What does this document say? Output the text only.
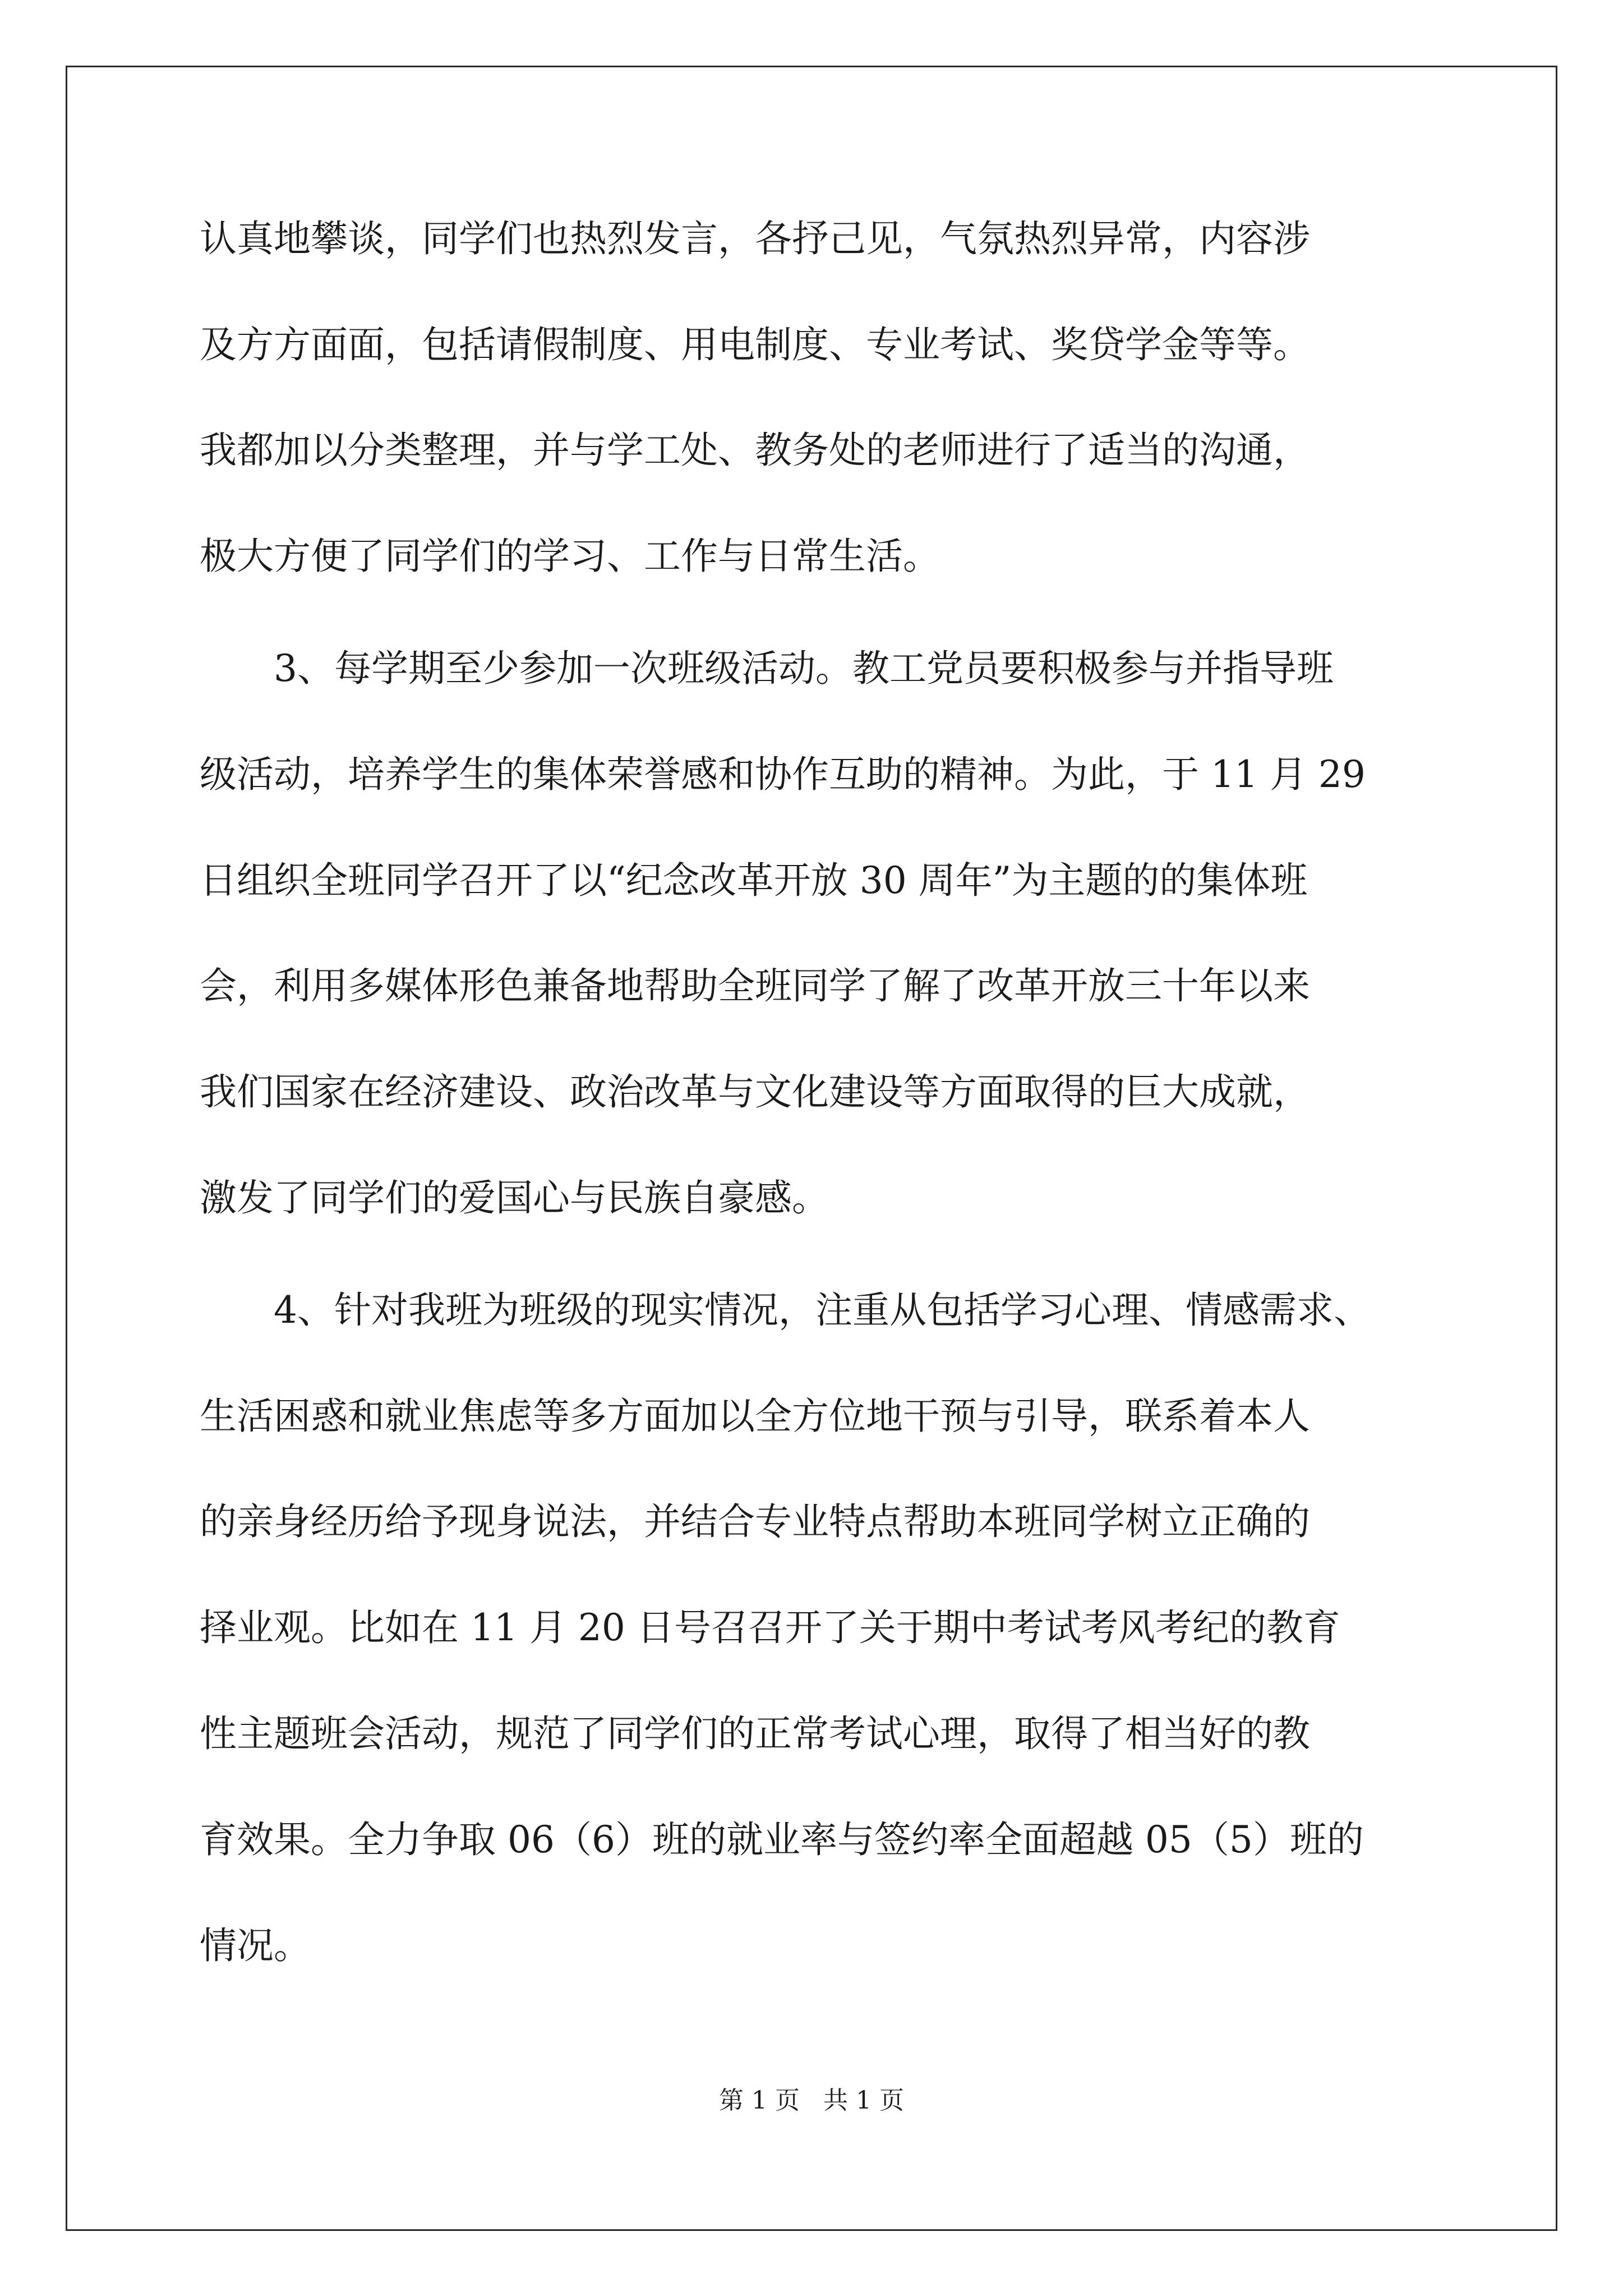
认真地攀谈，同学们也热烈发言，各抒己见，气氛热烈异常，内容涉

及方方面面，包括请假制度、用电制度、专业考试、奖贷学金等等。

我都加以分类整理，并与学工处、教务处的老师进行了适当的沟通，

极大方便了同学们的学习、工作与日常生活。

3、每学期至少参加一次班级活动。教工党员要积极参与并指导班

级活动，培养学生的集体荣誉感和协作互助的精神。为此，于 11 月 29

日组织全班同学召开了以“纪念改革开放 30 周年”为主题的的集体班

会，利用多媒体形色兼备地帮助全班同学了解了改革开放三十年以来

我们国家在经济建设、政治改革与文化建设等方面取得的巨大成就，

激发了同学们的爱国心与民族自豪感。

4、针对我班为班级的现实情况，注重从包括学习心理、情感需求、

生活困惑和就业焦虑等多方面加以全方位地干预与引导，联系着本人

的亲身经历给予现身说法，并结合专业特点帮助本班同学树立正确的

择业观。比如在 11 月 20 日号召召开了关于期中考试考风考纪的教育

性主题班会活动，规范了同学们的正常考试心理，取得了相当好的教

育效果。全力争取 06（6）班的就业率与签约率全面超越 05（5）班的

情况。

第 1 页   共 1 页
